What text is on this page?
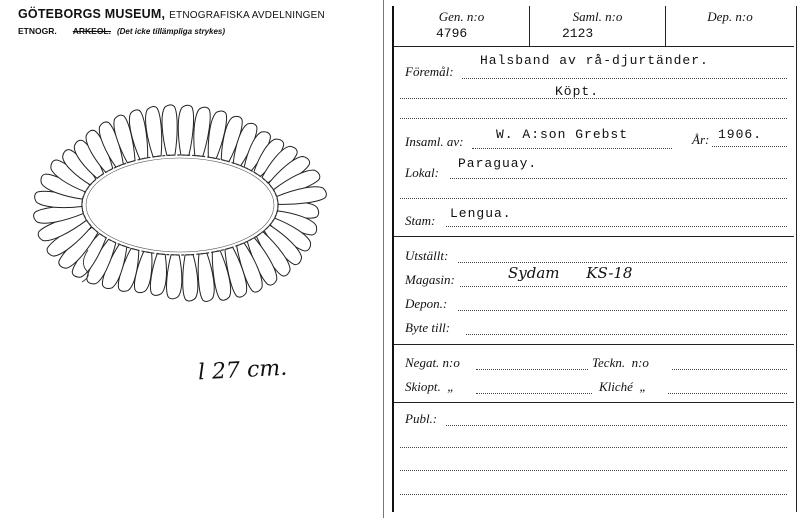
GÖTEBORGS MUSEUM, ETNOGRAFISKA AVDELNINGEN
ETNOGR. ARKEOL. (Det icke tillämpliga strykes)
l 27 cm.
Gen. n:o
4796
Saml. n:o
2123
Dep. n:o
Föremål:
Halsband av rå-djurtänder.
Köpt.
Insaml. av:	W. A:son Grebst	År: 1906.
Lokal:
Paraguay.
Stam: Lengua.
Utställt:
Magasin:	Sydam KS-18
Depon.:
Byte till:
Negat. n:o	Teckn.  n:o
Skiopt.  „	Kliché  „
Publ.:
